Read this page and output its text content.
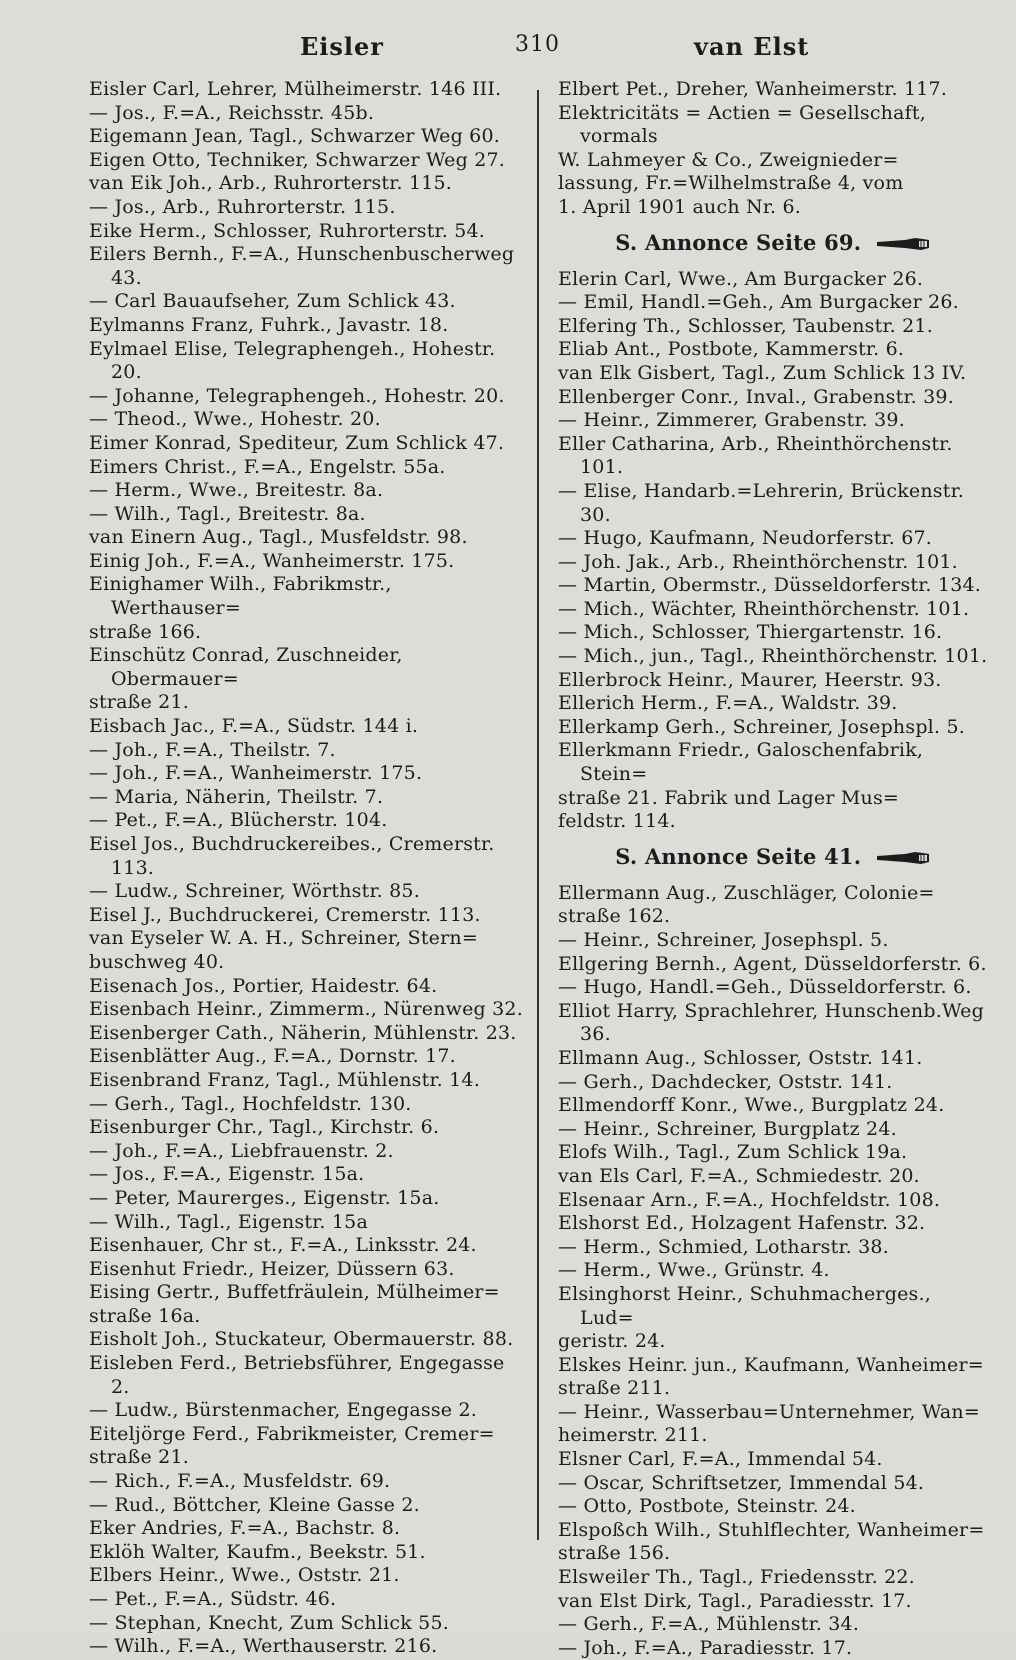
Eisler	310	van Elst

Eisler Carl, Lehrer, Mülheimerstr. 146 III.

— Jos., F.=A., Reichsstr. 45b.

Eigemann Jean, Tagl., Schwarzer Weg 60.

Eigen Otto, Techniker, Schwarzer Weg 27.

van Eik Joh., Arb., Ruhrorterstr. 115.

— Jos., Arb., Ruhrorterstr. 115.

Eike Herm., Schlosser, Ruhrorterstr. 54.

Eilers Bernh., F.=A., Hunschenbuscherweg 43.

— Carl Bauaufseher, Zum Schlick 43.

Eylmanns Franz, Fuhrk., Javastr. 18.

Eylmael Elise, Telegraphengeh., Hohestr. 20.

— Johanne, Telegraphengeh., Hohestr. 20.

— Theod., Wwe., Hohestr. 20.

Eimer Konrad, Spediteur, Zum Schlick 47.

Eimers Christ., F.=A., Engelstr. 55a.

— Herm., Wwe., Breitestr. 8a.

— Wilh., Tagl., Breitestr. 8a.

van Einern Aug., Tagl., Musfeldstr. 98.

Einig Joh., F.=A., Wanheimerstr. 175.

Einighamer Wilh., Fabrikmstr., Werthauser=
straße 166.

Einschütz Conrad, Zuschneider, Obermauer=
straße 21.

Eisbach Jac., F.=A., Südstr. 144 i.

— Joh., F.=A., Theilstr. 7.

— Joh., F.=A., Wanheimerstr. 175.

— Maria, Näherin, Theilstr. 7.

— Pet., F.=A., Blücherstr. 104.

Eisel Jos., Buchdruckereibes., Cremerstr. 113.

— Ludw., Schreiner, Wörthstr. 85.

Eisel J., Buchdruckerei, Cremerstr. 113.

van Eyseler W. A. H., Schreiner, Stern=
buschweg 40.

Eisenach Jos., Portier, Haidestr. 64.

Eisenbach Heinr., Zimmerm., Nürenweg 32.

Eisenberger Cath., Näherin, Mühlenstr. 23.

Eisenblätter Aug., F.=A., Dornstr. 17.

Eisenbrand Franz, Tagl., Mühlenstr. 14.

— Gerh., Tagl., Hochfeldstr. 130.

Eisenburger Chr., Tagl., Kirchstr. 6.

— Joh., F.=A., Liebfrauenstr. 2.

— Jos., F.=A., Eigenstr. 15a.

— Peter, Maurerges., Eigenstr. 15a.

— Wilh., Tagl., Eigenstr. 15a

Eisenhauer, Chr st., F.=A., Linksstr. 24.

Eisenhut Friedr., Heizer, Düssern 63.

Eising Gertr., Buffetfräulein, Mülheimer=
straße 16a.

Eisholt Joh., Stuckateur, Obermauerstr. 88.

Eisleben Ferd., Betriebsführer, Engegasse 2.

— Ludw., Bürstenmacher, Engegasse 2.

Eiteljörge Ferd., Fabrikmeister, Cremer=
straße 21.

— Rich., F.=A., Musfeldstr. 69.

— Rud., Böttcher, Kleine Gasse 2.

Eker Andries, F.=A., Bachstr. 8.

Eklöh Walter, Kaufm., Beekstr. 51.

Elbers Heinr., Wwe., Oststr. 21.

— Pet., F.=A., Südstr. 46.

— Stephan, Knecht, Zum Schlick 55.

— Wilh., F.=A., Werthauserstr. 216.

Elbert Pet., Dreher, Wanheimerstr. 117.

Elektricitäts = Actien = Gesellschaft, vormals
W. Lahmeyer & Co., Zweignieder=
lassung, Fr.=Wilhelmstraße 4, vom
1. April 1901 auch Nr. 6.

S. Annonce Seite 69.

Elerin Carl, Wwe., Am Burgacker 26.

— Emil, Handl.=Geh., Am Burgacker 26.

Elfering Th., Schlosser, Taubenstr. 21.

Eliab Ant., Postbote, Kammerstr. 6.

van Elk Gisbert, Tagl., Zum Schlick 13 IV.

Ellenberger Conr., Inval., Grabenstr. 39.

— Heinr., Zimmerer, Grabenstr. 39.

Eller Catharina, Arb., Rheinthörchenstr. 101.

— Elise, Handarb.=Lehrerin, Brückenstr. 30.

— Hugo, Kaufmann, Neudorferstr. 67.

— Joh. Jak., Arb., Rheinthörchenstr. 101.

— Martin, Obermstr., Düsseldorferstr. 134.

— Mich., Wächter, Rheinthörchenstr. 101.

— Mich., Schlosser, Thiergartenstr. 16.

— Mich., jun., Tagl., Rheinthörchenstr. 101.

Ellerbrock Heinr., Maurer, Heerstr. 93.

Ellerich Herm., F.=A., Waldstr. 39.

Ellerkamp Gerh., Schreiner, Josephspl. 5.

Ellerkmann Friedr., Galoschenfabrik, Stein=
straße 21. Fabrik und Lager Mus=
feldstr. 114.

S. Annonce Seite 41.

Ellermann Aug., Zuschläger, Colonie=
straße 162.

— Heinr., Schreiner, Josephspl. 5.

Ellgering Bernh., Agent, Düsseldorferstr. 6.

— Hugo, Handl.=Geh., Düsseldorferstr. 6.

Elliot Harry, Sprachlehrer, Hunschenb.Weg 36.

Ellmann Aug., Schlosser, Oststr. 141.

— Gerh., Dachdecker, Oststr. 141.

Ellmendorff Konr., Wwe., Burgplatz 24.

— Heinr., Schreiner, Burgplatz 24.

Elofs Wilh., Tagl., Zum Schlick 19a.

van Els Carl, F.=A., Schmiedestr. 20.

Elsenaar Arn., F.=A., Hochfeldstr. 108.

Elshorst Ed., Holzagent Hafenstr. 32.

— Herm., Schmied, Lotharstr. 38.

— Herm., Wwe., Grünstr. 4.

Elsinghorst Heinr., Schuhmacherges., Lud=
geristr. 24.

Elskes Heinr. jun., Kaufmann, Wanheimer=
straße 211.

— Heinr., Wasserbau=Unternehmer, Wan=
heimerstr. 211.

Elsner Carl, F.=A., Immendal 54.

— Oscar, Schriftsetzer, Immendal 54.

— Otto, Postbote, Steinstr. 24.

Elspoßch Wilh., Stuhlflechter, Wanheimer=
straße 156.

Elsweiler Th., Tagl., Friedensstr. 22.

van Elst Dirk, Tagl., Paradiesstr. 17.

— Gerh., F.=A., Mühlenstr. 34.

— Joh., F.=A., Paradiesstr. 17.
